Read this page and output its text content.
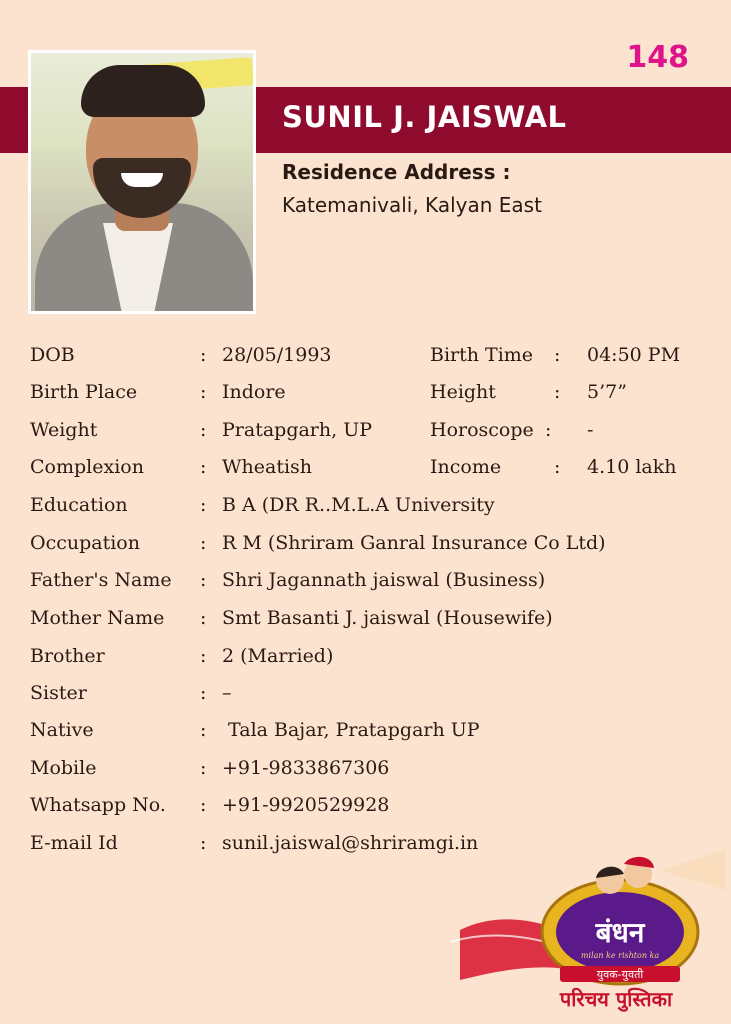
148
SUNIL J. JAISWAL
Residence Address :
Katemanivali, Kalyan East
DOB	: 28/05/1993	Birth Time : 04:50 PM
Birth Place	: Indore	Height	: 5’7”
Weight	: Pratapgarh, UP	Horoscope : -
Complexion	: Wheatish	Income	: 4.10 lakh
Education	: B A (DR R..M.L.A University
Occupation	: R M (Shriram Ganral Insurance Co Ltd)
Father's Name : Shri Jagannath jaiswal (Business)
Mother Name : Smt Basanti J. jaiswal (Housewife)
Brother	: 2 (Married)
Sister	: –
Native	: Tala Bajar, Pratapgarh UP
Mobile	: +91-9833867306
Whatsapp No. : +91-9920529928
E-mail Id	: sunil.jaiswal@shriramgi.in
बंधन
milan ke rishton ka
युवक-युवती
परिचय पुस्तिका
